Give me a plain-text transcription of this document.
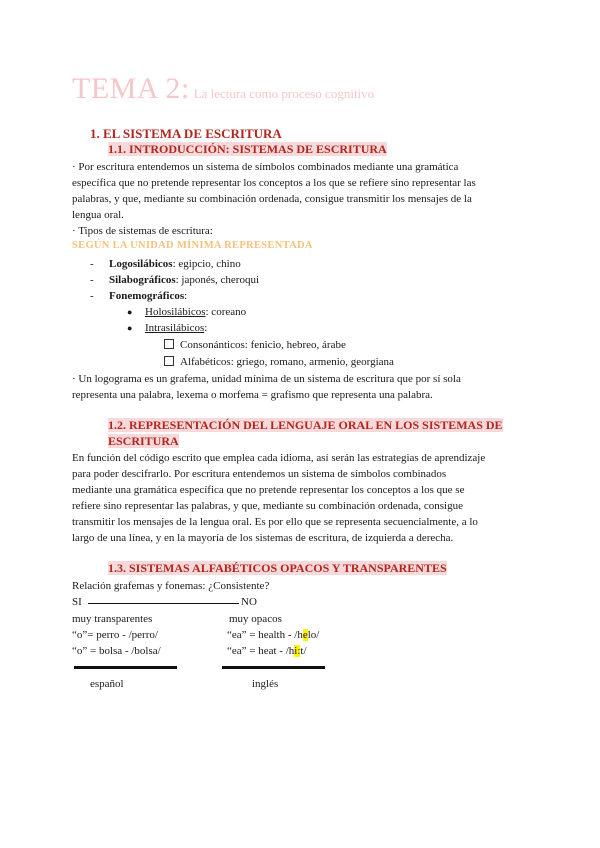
TEMA 2: La lectura como proceso cognitivo
1. EL SISTEMA DE ESCRITURA
1.1. INTRODUCCIÓN: SISTEMAS DE ESCRITURA
· Por escritura entendemos un sistema de símbolos combinados mediante una gramática
específica que no pretende representar los conceptos a los que se refiere sino representar las
palabras, y que, mediante su combinación ordenada, consigue transmitir los mensajes de la
lengua oral.
· Tipos de sistemas de escritura:
SEGÚN LA UNIDAD MÍNIMA REPRESENTADA
- Logosilábicos: egipcio, chino
- Silabográficos: japonés, cheroqui
- Fonemográficos:
● Holosilábicos: coreano
● Intrasilábicos:
Consonánticos: fenicio, hebreo, árabe
Alfabéticos: griego, romano, armenio, georgiana
· Un logograma es un grafema, unidad mínima de un sistema de escritura que por sí sola
representa una palabra, lexema o morfema = grafismo que representa una palabra.
1.2. REPRESENTACIÓN DEL LENGUAJE ORAL EN LOS SISTEMAS DE
ESCRITURA
En función del código escrito que emplea cada idioma, así serán las estrategias de aprendizaje
para poder descifrarlo. Por escritura entendemos un sistema de símbolos combinados
mediante una gramática específica que no pretende representar los conceptos a los que se
refiere sino representar las palabras, y que, mediante su combinación ordenada, consigue
transmitir los mensajes de la lengua oral. Es por ello que se representa secuencialmente, a lo
largo de una línea, y en la mayoría de los sistemas de escritura, de izquierda a derecha.
1.3. SISTEMAS ALFABÉTICOS OPACOS Y TRANSPARENTES
Relación grafemas y fonemas: ¿Consistente?
SI	NO
muy transparentes	muy opacos
“o”= perro - /perro/	“ea” = health - /helo/
“o” = bolsa - /bolsa/	“ea” = heat - /hi:t/
español	inglés
